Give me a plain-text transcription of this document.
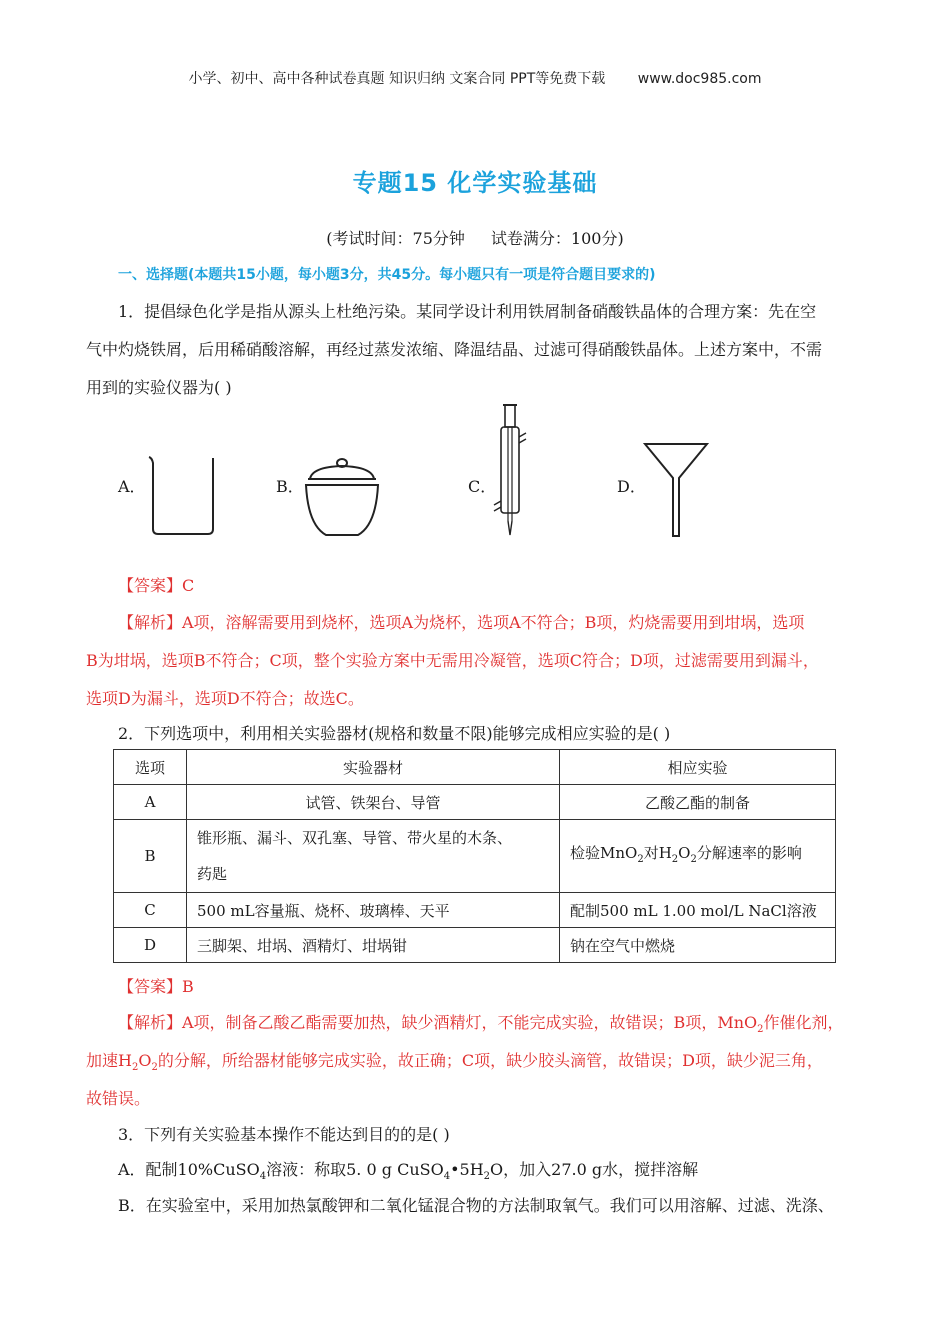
小学、初中、高中各种试卷真题 知识归纳 文案合同 PPT等免费下载 www.doc985.com
专题15 化学实验基础
(考试时间：75分钟 试卷满分：100分)
一、选择题(本题共15小题，每小题3分，共45分。每小题只有一项是符合题目要求的)
1．提倡绿色化学是指从源头上杜绝污染。某同学设计利用铁屑制备硝酸铁晶体的合理方案：先在空
气中灼烧铁屑，后用稀硝酸溶解，再经过蒸发浓缩、降温结晶、过滤可得硝酸铁晶体。上述方案中，不需
用到的实验仪器为( )
A．	B．	C．	D．
【答案】C
【解析】A项，溶解需要用到烧杯，选项A为烧杯，选项A不符合；B项，灼烧需要用到坩埚，选项
B为坩埚，选项B不符合；C项，整个实验方案中无需用冷凝管，选项C符合；D项，过滤需要用到漏斗，
选项D为漏斗，选项D不符合；故选C。
2．下列选项中，利用相关实验器材(规格和数量不限)能够完成相应实验的是( )
选项	实验器材	相应实验
A	试管、铁架台、导管	乙酸乙酯的制备
B	锥形瓶、漏斗、双孔塞、导管、带火星的木条、
药匙	检验MnO$_2$对$H_2O_2$分解速率的影响
C	500 mL容量瓶、烧杯、玻璃棒、天平	配制500 mL 1.00 mol/L NaCl溶液
D	三脚架、坩埚、酒精灯、坩埚钳	钠在空气中燃烧
【答案】B
【解析】A项，制备乙酸乙酯需要加热，缺少酒精灯，不能完成实验，故错误；B项，MnO$_2$作催化剂，
加速$H_2O_2$的分解，所给器材能够完成实验，故正确；C项，缺少胶头滴管，故错误；D项，缺少泥三角，
故错误。
3．下列有关实验基本操作不能达到目的的是( )
A．配制10%CuSO$_4$溶液：称取5. 0 g $CuSO_4•5H_2O$，加入27.0 g水，搅拌溶解
B．在实验室中，采用加热氯酸钾和二氧化锰混合物的方法制取氧气。我们可以用溶解、过滤、洗涤、
